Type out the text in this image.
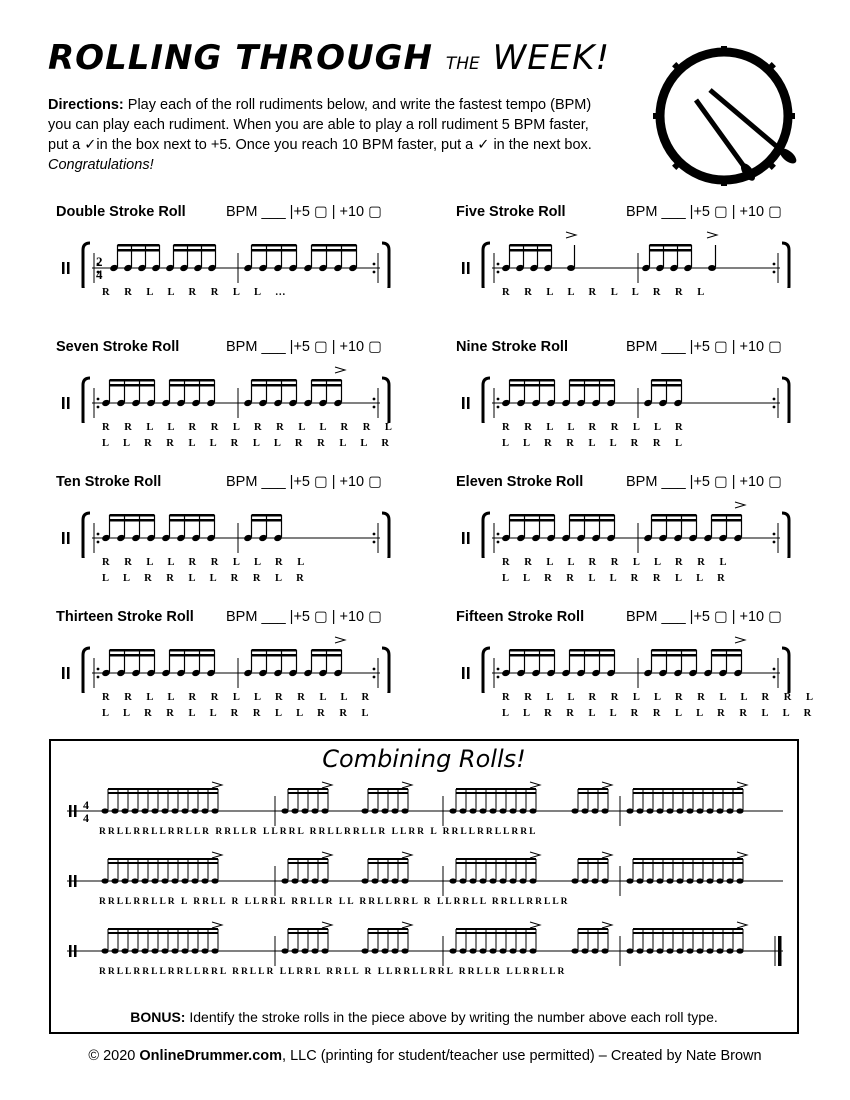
ROLLING THROUGH THE WEEK!
Directions: Play each of the roll rudiments below, and write the fastest tempo (BPM) you can play each rudiment. When you are able to play a roll rudiment 5 BPM faster, put a ✓in the box next to +5. Once you reach 10 BPM faster, put a ✓ in the next box. Congratulations!
Double Stroke Roll	BPM ___ |+5 ▢ | +10 ▢
2
4
R R L L R R L L …
Five Stroke Roll	BPM ___ |+5 ▢ | +10 ▢
R R L L R L L R R L
Seven Stroke Roll	BPM ___ |+5 ▢ | +10 ▢
R R L L R R L R R L L R R L
L L R R L L R L L R R L L R
Nine Stroke Roll	BPM ___ |+5 ▢ | +10 ▢
R R L L R R L L R
L L R R L L R R L
Ten Stroke Roll	BPM ___ |+5 ▢ | +10 ▢
R R L L R R L L R L
L L R R L L R R L R
Eleven Stroke Roll	BPM ___ |+5 ▢ | +10 ▢
R R L L R R L L R R L
L L R R L L R R L L R
Thirteen Stroke Roll BPM ___ |+5 ▢ | +10 ▢
R R L L R R L L R R L L R
L L R R L L R R L L R R L
Fifteen Stroke Roll	BPM ___ |+5 ▢ | +10 ▢
R R L L R R L L R R L L R R L
L L R R L L R R L L R R L L R
Combining Rolls!
4
4
BONUS: Identify the stroke rolls in the piece above by writing the number above each roll type.
RRLLRRLLRRLLR RRLLR LLRRL RRLLRRLLR LLRR L RRLLRRLLRRL
RRLLRRLLR L RRLL R LLRRL RRLLR LL RRLLRRL R LLRRLL RRLLRRLLR
RRLLRRLLRRLLRRL RRLLR LLRRL RRLL R LLRRLLRRL RRLLR LLRRLLR
© 2020 OnlineDrummer.com, LLC (printing for student/teacher use permitted) – Created by Nate Brown
